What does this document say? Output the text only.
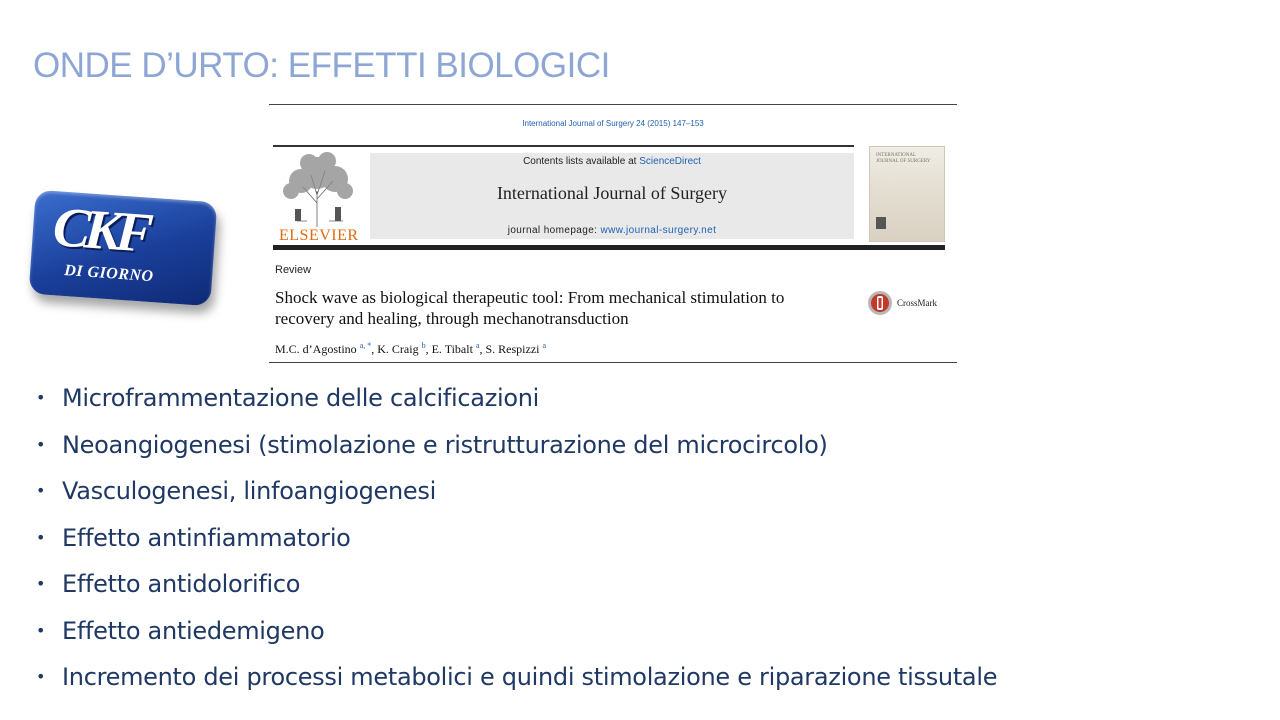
ONDE D’URTO: EFFETTI BIOLOGICI
CKF
DI GIORNO
International Journal of Surgery 24 (2015) 147–153
ELSEVIER
Contents lists available at ScienceDirect
International Journal of Surgery
journal homepage: www.journal-surgery.net
INTERNATIONAL JOURNAL OF SURGERY
Review
Shock wave as biological therapeutic tool: From mechanical stimulation to recovery and healing, through mechanotransduction
M.C. d’Agostino $^{a, *}$, K. Craig $^b$, E. Tibalt $^a$, S. Respizzi $^a$
CrossMark
• Microframmentazione delle calcificazioni
• Neoangiogenesi (stimolazione e ristrutturazione del microcircolo)
• Vasculogenesi, linfoangiogenesi
• Effetto antinfiammatorio
• Effetto antidolorifico
• Effetto antiedemigeno
• Incremento dei processi metabolici e quindi stimolazione e riparazione tissutale
